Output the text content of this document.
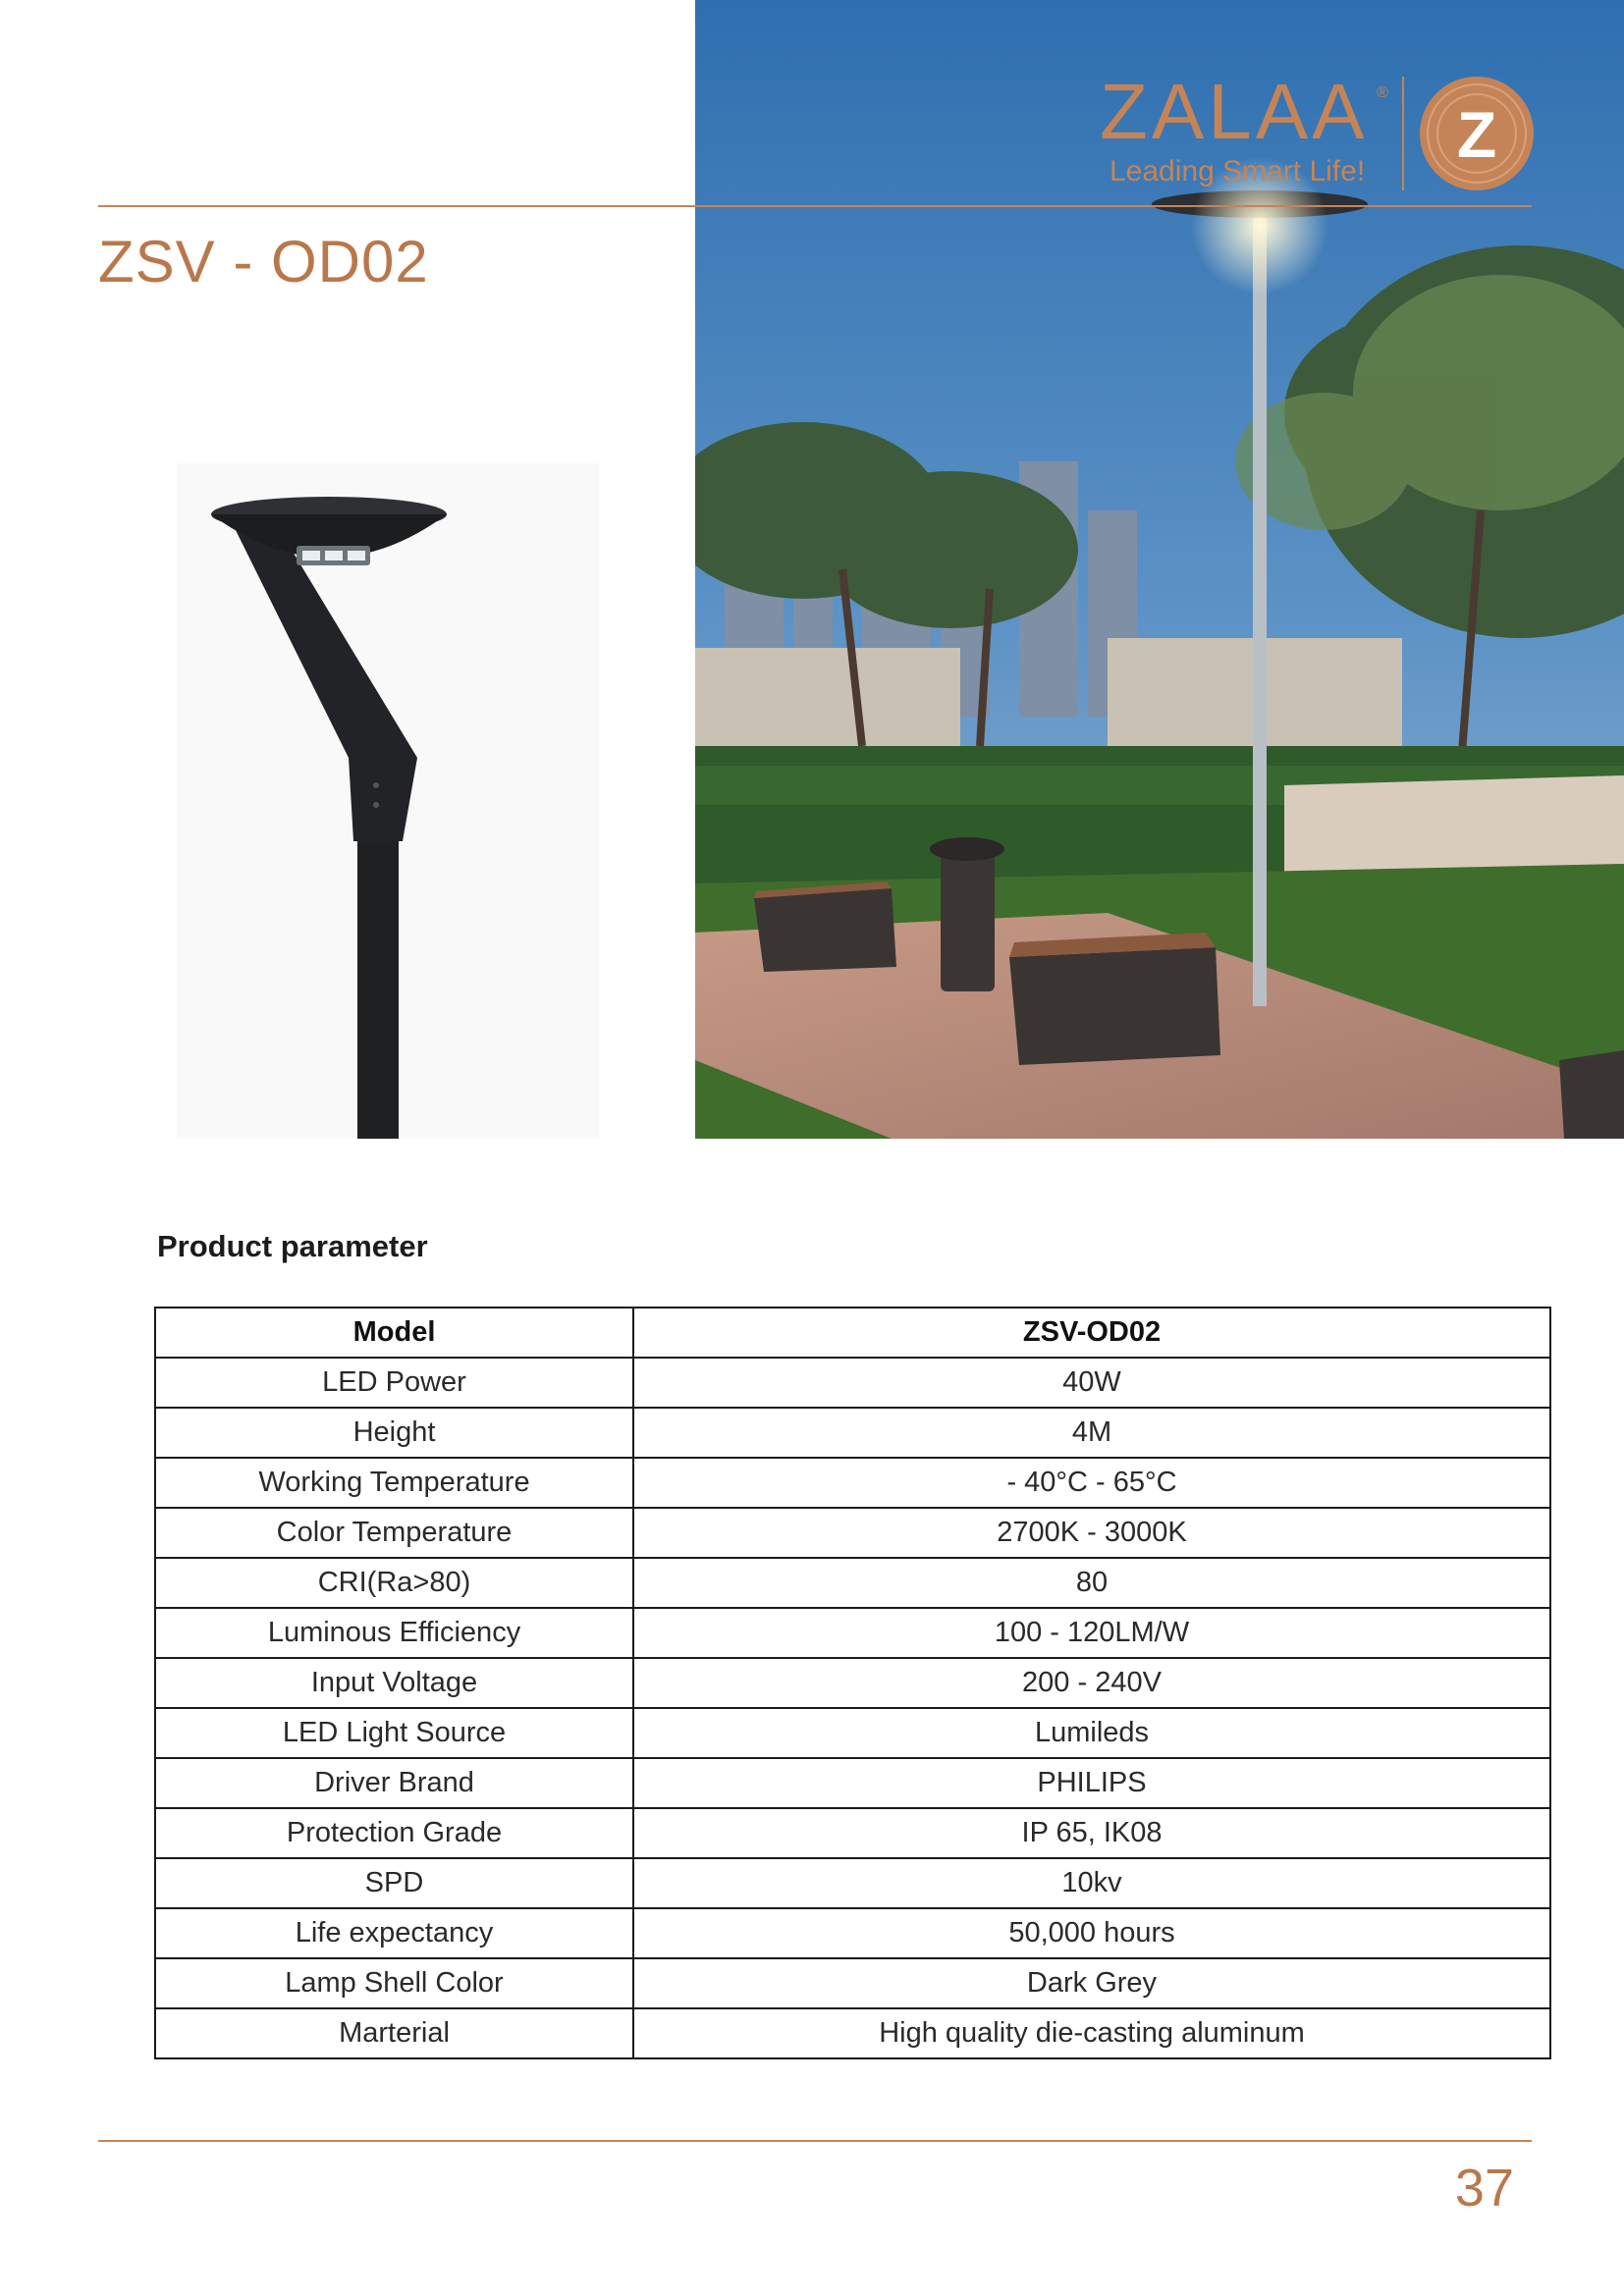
ZALAA ®
Leading Smart Life!
Z
ZSV - OD02
Product parameter
Model	ZSV-OD02
LED Power	40W
Height	4M
Working Temperature	- 40°C - 65°C
Color Temperature	2700K - 3000K
CRI(Ra>80)	80
Luminous Efficiency	100 - 120LM/W
Input Voltage	200 - 240V
LED Light Source	Lumileds
Driver Brand	PHILIPS
Protection Grade	IP 65, IK08
SPD	10kv
Life expectancy	50,000 hours
Lamp Shell Color	Dark Grey
Marterial	High quality die-casting aluminum
37
